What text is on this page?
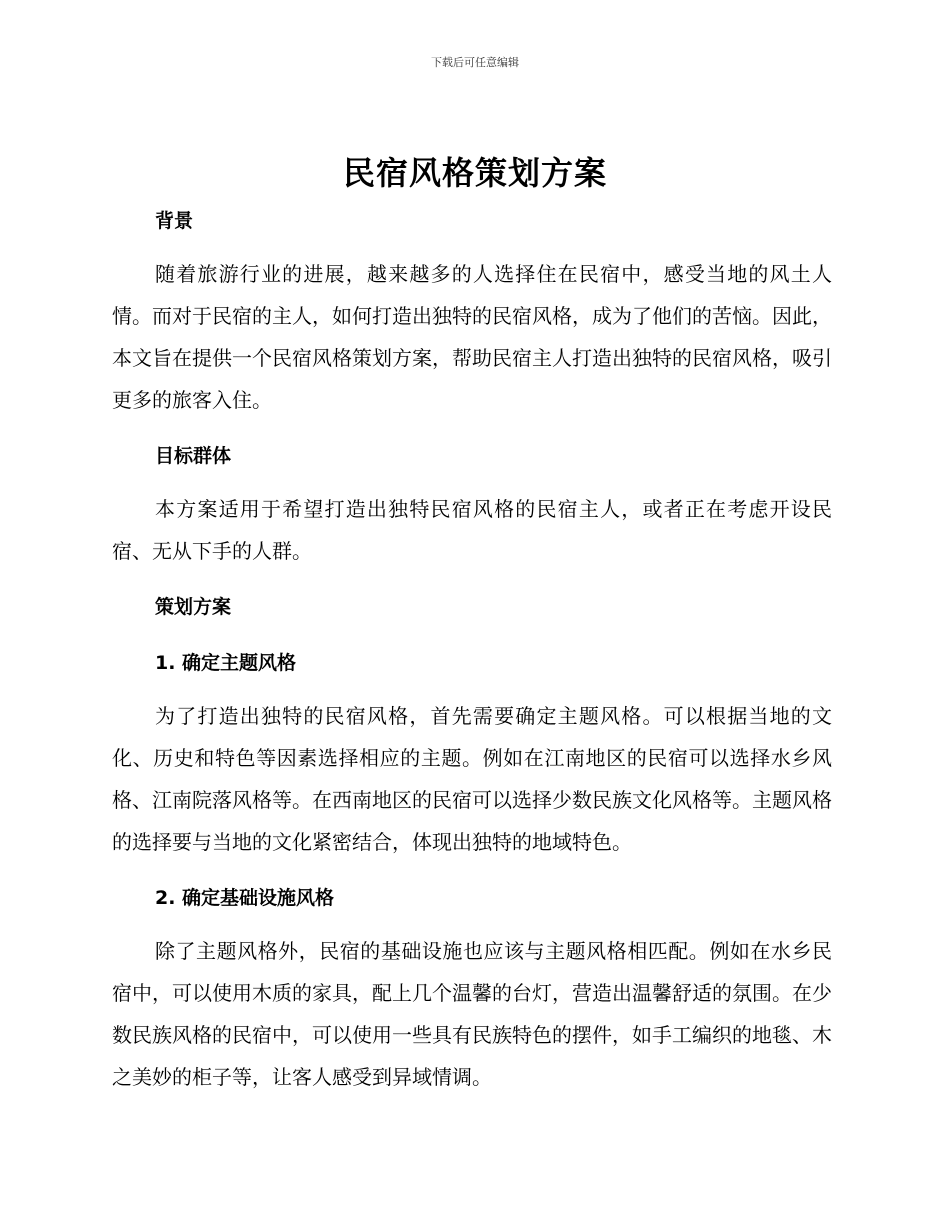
下载后可任意编辑
民宿风格策划方案

背景

随着旅游行业的进展，越来越多的人选择住在民宿中，感受当地的风土人情。而对于民宿的主人，如何打造出独特的民宿风格，成为了他们的苦恼。因此，本文旨在提供一个民宿风格策划方案，帮助民宿主人打造出独特的民宿风格，吸引更多的旅客入住。

目标群体

本方案适用于希望打造出独特民宿风格的民宿主人，或者正在考虑开设民宿、无从下手的人群。

策划方案

1. 确定主题风格

为了打造出独特的民宿风格，首先需要确定主题风格。可以根据当地的文化、历史和特色等因素选择相应的主题。例如在江南地区的民宿可以选择水乡风格、江南院落风格等。在西南地区的民宿可以选择少数民族文化风格等。主题风格的选择要与当地的文化紧密结合，体现出独特的地域特色。

2. 确定基础设施风格

除了主题风格外，民宿的基础设施也应该与主题风格相匹配。例如在水乡民宿中，可以使用木质的家具，配上几个温馨的台灯，营造出温馨舒适的氛围。在少数民族风格的民宿中，可以使用一些具有民族特色的摆件，如手工编织的地毯、木之美妙的柜子等，让客人感受到异域情调。
